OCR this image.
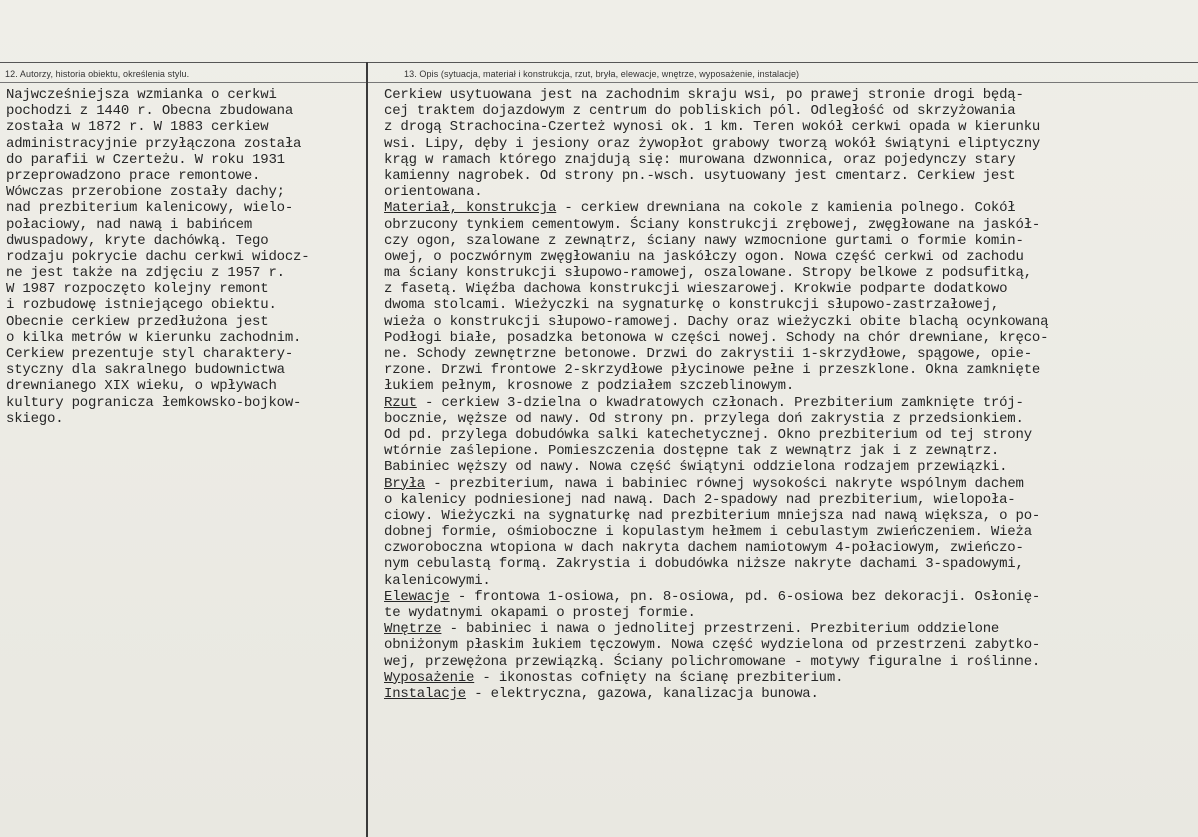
12. Autorzy, historia obiektu, określenia stylu.	13. Opis (sytuacja, materiał i konstrukcja, rzut, bryła, elewacje, wnętrze, wyposażenie, instalacje)
Najwcześniejsza wzmianka o cerkwi
pochodzi z 1440 r. Obecna zbudowana
została w 1872 r. W 1883 cerkiew
administracyjnie przyłączona została
do parafii w Czerteżu. W roku 1931
przeprowadzono prace remontowe.
Wówczas przerobione zostały dachy;
nad prezbiterium kalenicowy, wielo-
połaciowy, nad nawą i babińcem
dwuspadowy, kryte dachówką. Tego
rodzaju pokrycie dachu cerkwi widocz-
ne jest także na zdjęciu z 1957 r.
W 1987 rozpoczęto kolejny remont
i rozbudowę istniejącego obiektu.
Obecnie cerkiew przedłużona jest
o kilka metrów w kierunku zachodnim.
Cerkiew prezentuje styl charaktery-
styczny dla sakralnego budownictwa
drewnianego XIX wieku, o wpływach
kultury pogranicza łemkowsko-bojkow-
skiego.
Cerkiew usytuowana jest na zachodnim skraju wsi, po prawej stronie drogi będą-
cej traktem dojazdowym z centrum do pobliskich pól. Odległość od skrzyżowania
z drogą Strachocina-Czerteż wynosi ok. 1 km. Teren wokół cerkwi opada w kierunku
wsi. Lipy, dęby i jesiony oraz żywopłot grabowy tworzą wokół świątyni eliptyczny
krąg w ramach którego znajdują się: murowana dzwonnica, oraz pojedynczy stary
kamienny nagrobek. Od strony pn.-wsch. usytuowany jest cmentarz. Cerkiew jest
orientowana.
Materiał, konstrukcja - cerkiew drewniana na cokole z kamienia polnego. Cokół
obrzucony tynkiem cementowym. Ściany konstrukcji zrębowej, zwęgłowane na jaskół-
czy ogon, szalowane z zewnątrz, ściany nawy wzmocnione gurtami o formie komin-
owej, o poczwórnym zwęgłowaniu na jaskółczy ogon. Nowa część cerkwi od zachodu
ma ściany konstrukcji słupowo-ramowej, oszalowane. Stropy belkowe z podsufitką,
z fasetą. Więźba dachowa konstrukcji wieszarowej. Krokwie podparte dodatkowo
dwoma stolcami. Wieżyczki na sygnaturkę o konstrukcji słupowo-zastrzałowej,
wieża o konstrukcji słupowo-ramowej. Dachy oraz wieżyczki obite blachą ocynkowaną
Podłogi białe, posadzka betonowa w części nowej. Schody na chór drewniane, kręco-
ne. Schody zewnętrzne betonowe. Drzwi do zakrystii 1-skrzydłowe, spągowe, opie-
rzone. Drzwi frontowe 2-skrzydłowe płycinowe pełne i przeszklone. Okna zamknięte
łukiem pełnym, krosnowe z podziałem szczeblinowym.
Rzut - cerkiew 3-dzielna o kwadratowych członach. Prezbiterium zamknięte trój-
bocznie, węższe od nawy. Od strony pn. przylega doń zakrystia z przedsionkiem.
Od pd. przylega dobudówka salki katechetycznej. Okno prezbiterium od tej strony
wtórnie zaślepione. Pomieszczenia dostępne tak z wewnątrz jak i z zewnątrz.
Babiniec węższy od nawy. Nowa część świątyni oddzielona rodzajem przewiązki.
Bryła - prezbiterium, nawa i babiniec równej wysokości nakryte wspólnym dachem
o kalenicy podniesionej nad nawą. Dach 2-spadowy nad prezbiterium, wielopoła-
ciowy. Wieżyczki na sygnaturkę nad prezbiterium mniejsza nad nawą większa, o po-
dobnej formie, ośmioboczne i kopulastym hełmem i cebulastym zwieńczeniem. Wieża
czworoboczna wtopiona w dach nakryta dachem namiotowym 4-połaciowym, zwieńczo-
nym cebulastą formą. Zakrystia i dobudówka niższe nakryte dachami 3-spadowymi,
kalenicowymi.
Elewacje - frontowa 1-osiowa, pn. 8-osiowa, pd. 6-osiowa bez dekoracji. Osłonię-
te wydatnymi okapami o prostej formie.
Wnętrze - babiniec i nawa o jednolitej przestrzeni. Prezbiterium oddzielone
obniżonym płaskim łukiem tęczowym. Nowa część wydzielona od przestrzeni zabytko-
wej, przewężona przewiązką. Ściany polichromowane - motywy figuralne i roślinne.
Wyposażenie - ikonostas cofnięty na ścianę prezbiterium.
Instalacje - elektryczna, gazowa, kanalizacja bunowa.
